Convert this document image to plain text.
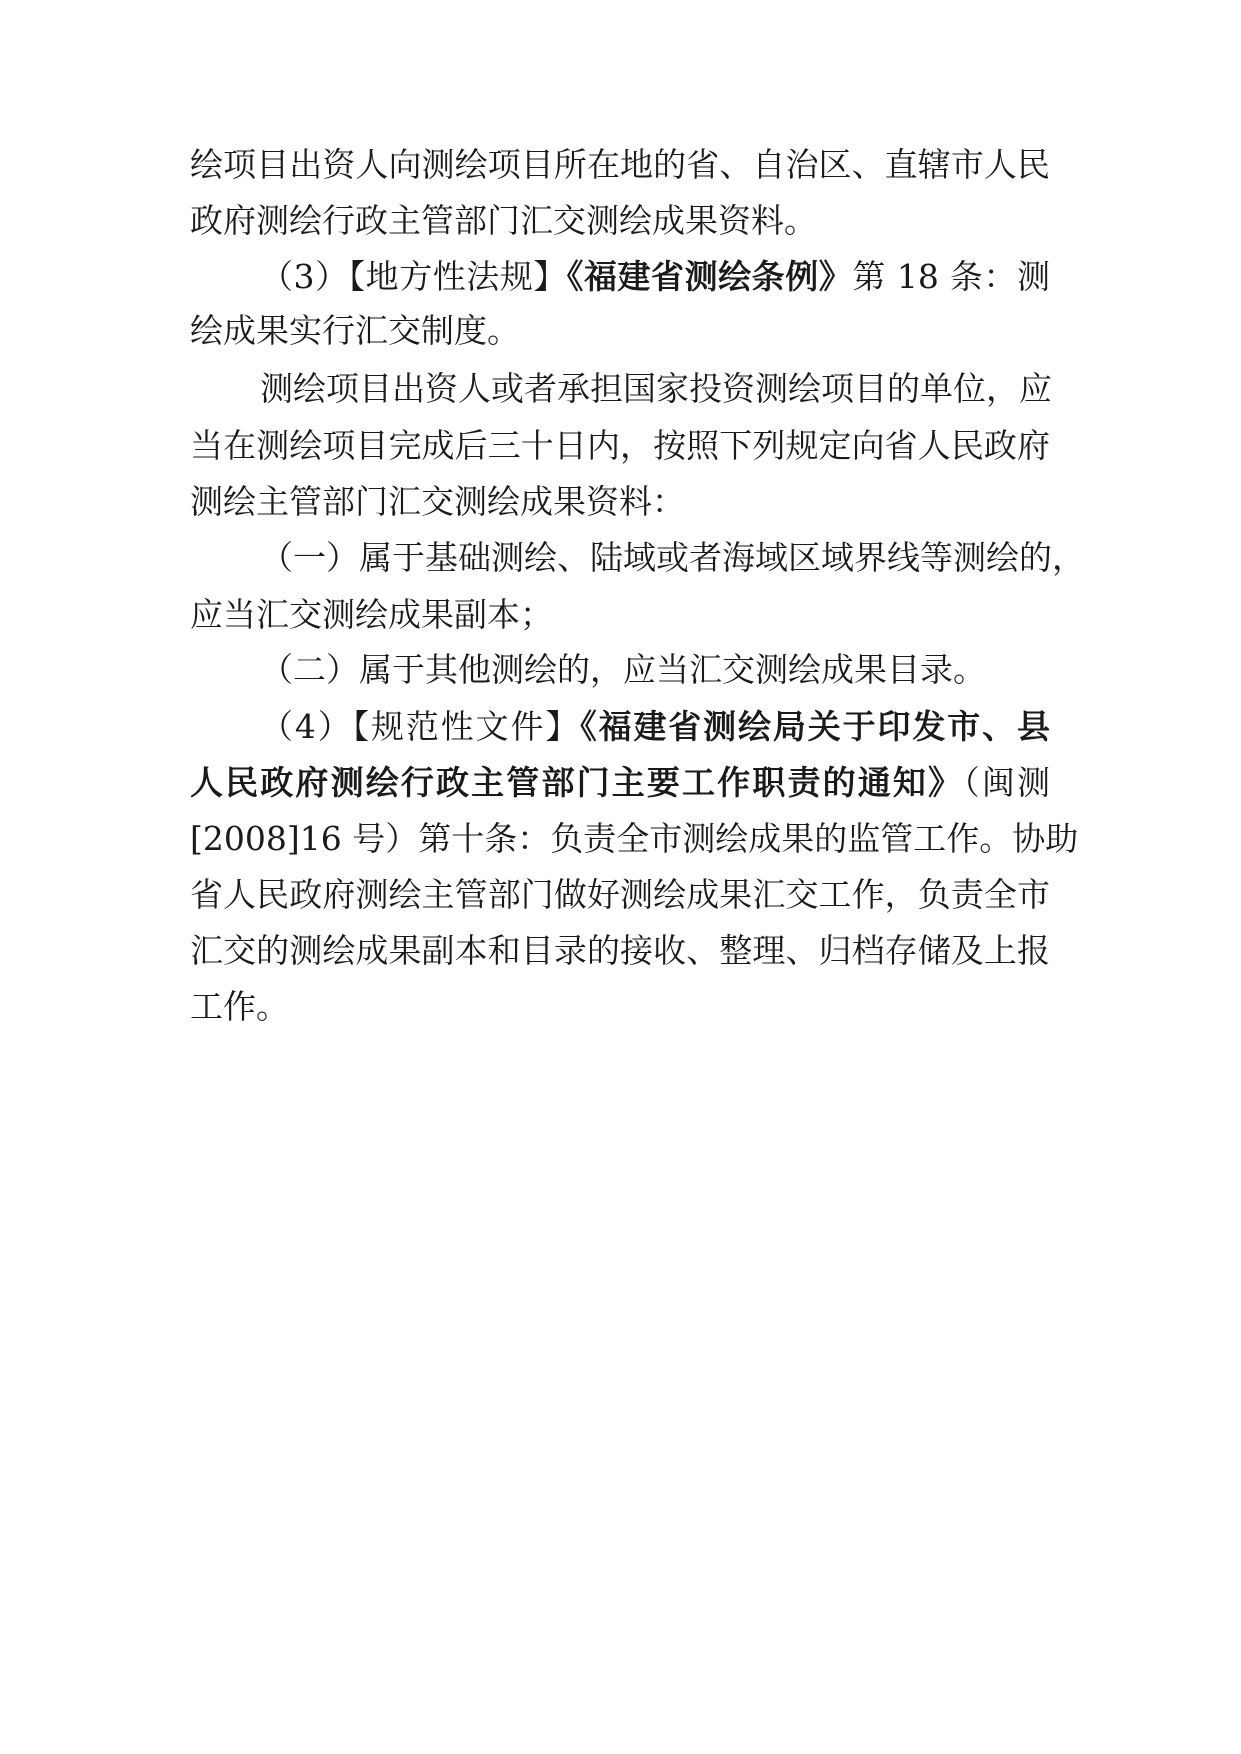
绘项目出资人向测绘项目所在地的省、自治区、直辖市人民
政府测绘行政主管部门汇交测绘成果资料。
（3）【地方性法规】《福建省测绘条例》第 18 条：测
绘成果实行汇交制度。
测绘项目出资人或者承担国家投资测绘项目的单位，应
当在测绘项目完成后三十日内，按照下列规定向省人民政府
测绘主管部门汇交测绘成果资料：
（一）属于基础测绘、陆域或者海域区域界线等测绘的，
应当汇交测绘成果副本；
（二）属于其他测绘的，应当汇交测绘成果目录。
（4）【规范性文件】《福建省测绘局关于印发市、县
人民政府测绘行政主管部门主要工作职责的通知》（闽测
[2008]16 号）第十条：负责全市测绘成果的监管工作。协助
省人民政府测绘主管部门做好测绘成果汇交工作，负责全市
汇交的测绘成果副本和目录的接收、整理、归档存储及上报
工作。
